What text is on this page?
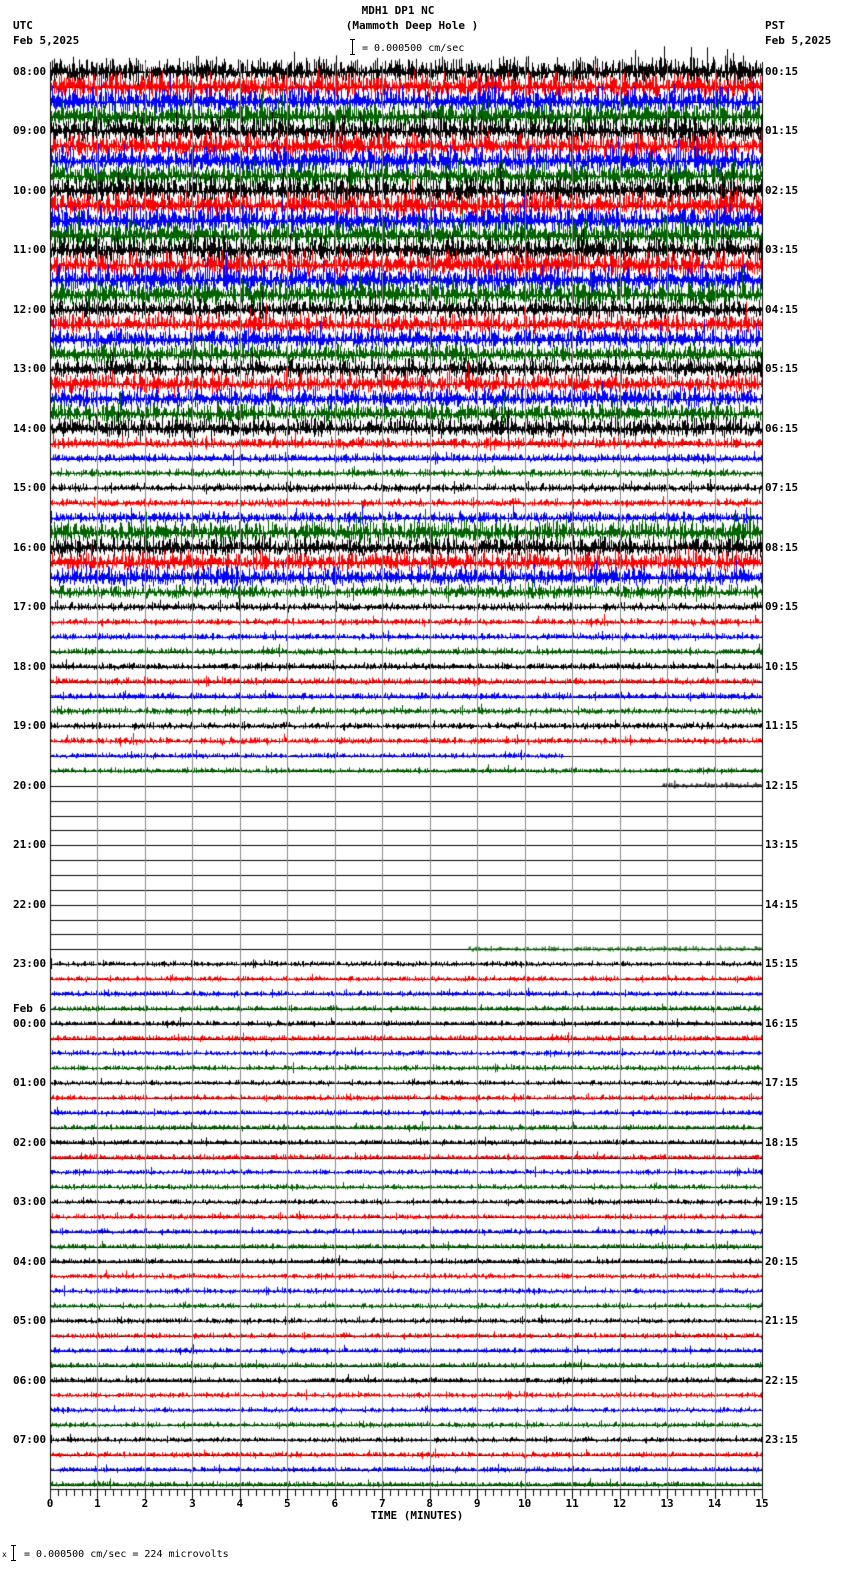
MDH1 DP1 NC
(Mammoth Deep Hole )
UTC
Feb 5,2025
PST
Feb 5,2025
= 0.000500 cm/sec
08:00
09:00
10:00
11:00
12:00
13:00
14:00
15:00
16:00
17:00
18:00
19:00
20:00
21:00
22:00
23:00
00:00
01:00
02:00
03:00
04:00
05:00
06:00
07:00
00:15
01:15
02:15
03:15
04:15
05:15
06:15
07:15
08:15
09:15
10:15
11:15
12:15
13:15
14:15
15:15
16:15
17:15
18:15
19:15
20:15
21:15
22:15
23:15
Feb 6
0	1	2	3	4	5	6	7	8	9	10	11	12	13	14	15
TIME (MINUTES)
x = 0.000500 cm/sec = 224 microvolts
